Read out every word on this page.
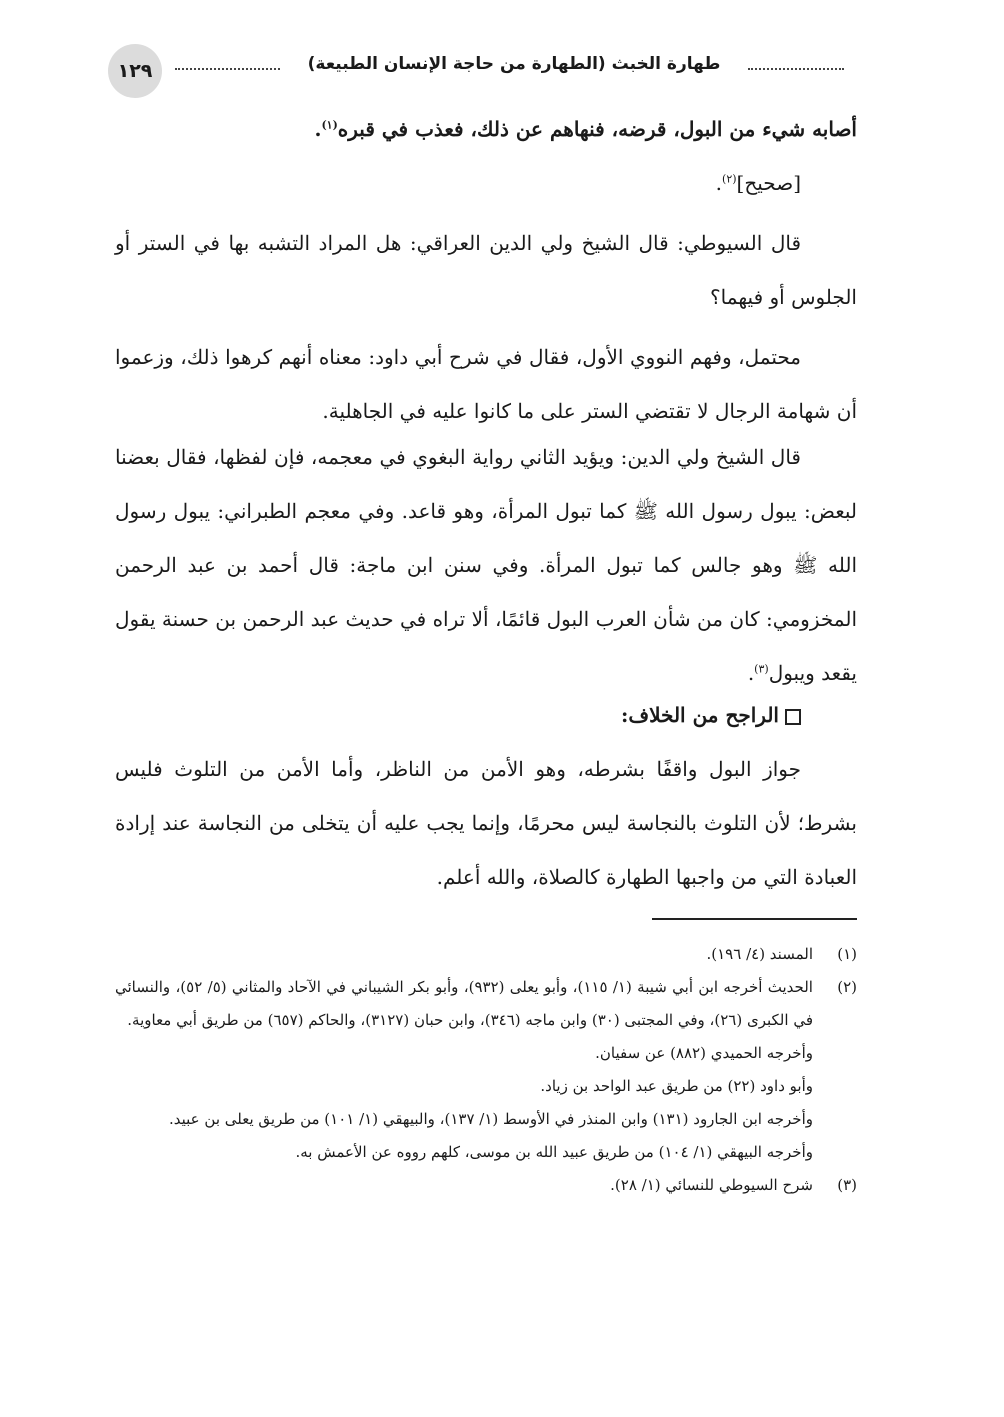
١٢٩	طهارة الخبث (الطهارة من حاجة الإنسان الطبيعة)

أصابه شيء من البول، قرضه، فنهاهم عن ذلك، فعذب في قبره$^{(١)}$.

[صحيح]$^{(٢)}$.

قال السيوطي: قال الشيخ ولي الدين العراقي: هل المراد التشبه بها في الستر أو الجلوس أو فيهما؟

محتمل، وفهم النووي الأول، فقال في شرح أبي داود: معناه أنهم كرهوا ذلك، وزعموا أن شهامة الرجال لا تقتضي الستر على ما كانوا عليه في الجاهلية.

قال الشيخ ولي الدين: ويؤيد الثاني رواية البغوي في معجمه، فإن لفظها، فقال بعضنا لبعض: يبول رسول الله ﷺ كما تبول المرأة، وهو قاعد. وفي معجم الطبراني: يبول رسول الله ﷺ وهو جالس كما تبول المرأة. وفي سنن ابن ماجة: قال أحمد بن عبد الرحمن المخزومي: كان من شأن العرب البول قائمًا، ألا تراه في حديث عبد الرحمن بن حسنة يقول يقعد ويبول$^{(٣)}$.

الراجح من الخلاف:

جواز البول واقفًا بشرطه، وهو الأمن من الناظر، وأما الأمن من التلوث فليس بشرط؛ لأن التلوث بالنجاسة ليس محرمًا، وإنما يجب عليه أن يتخلى من النجاسة عند إرادة العبادة التي من واجبها الطهارة كالصلاة، والله أعلم.

(١)
المسند (٤/ ١٩٦).
(٢)
الحديث أخرجه ابن أبي شيبة (١/ ١١٥)، وأبو يعلى (٩٣٢)، وأبو بكر الشيباني في الآحاد والمثاني (٥/ ٥٢)، والنسائي في الكبرى (٢٦)، وفي المجتبى (٣٠) وابن ماجه (٣٤٦)، وابن حبان (٣١٢٧)، والحاكم (٦٥٧) من طريق أبي معاوية.
وأخرجه الحميدي (٨٨٢) عن سفيان.
وأبو داود (٢٢) من طريق عبد الواحد بن زياد.
وأخرجه ابن الجارود (١٣١) وابن المنذر في الأوسط (١/ ١٣٧)، والبيهقي (١/ ١٠١) من طريق يعلى بن عبيد.
وأخرجه البيهقي (١/ ١٠٤) من طريق عبيد الله بن موسى، كلهم رووه عن الأعمش به.
(٣)
شرح السيوطي للنسائي (١/ ٢٨).
